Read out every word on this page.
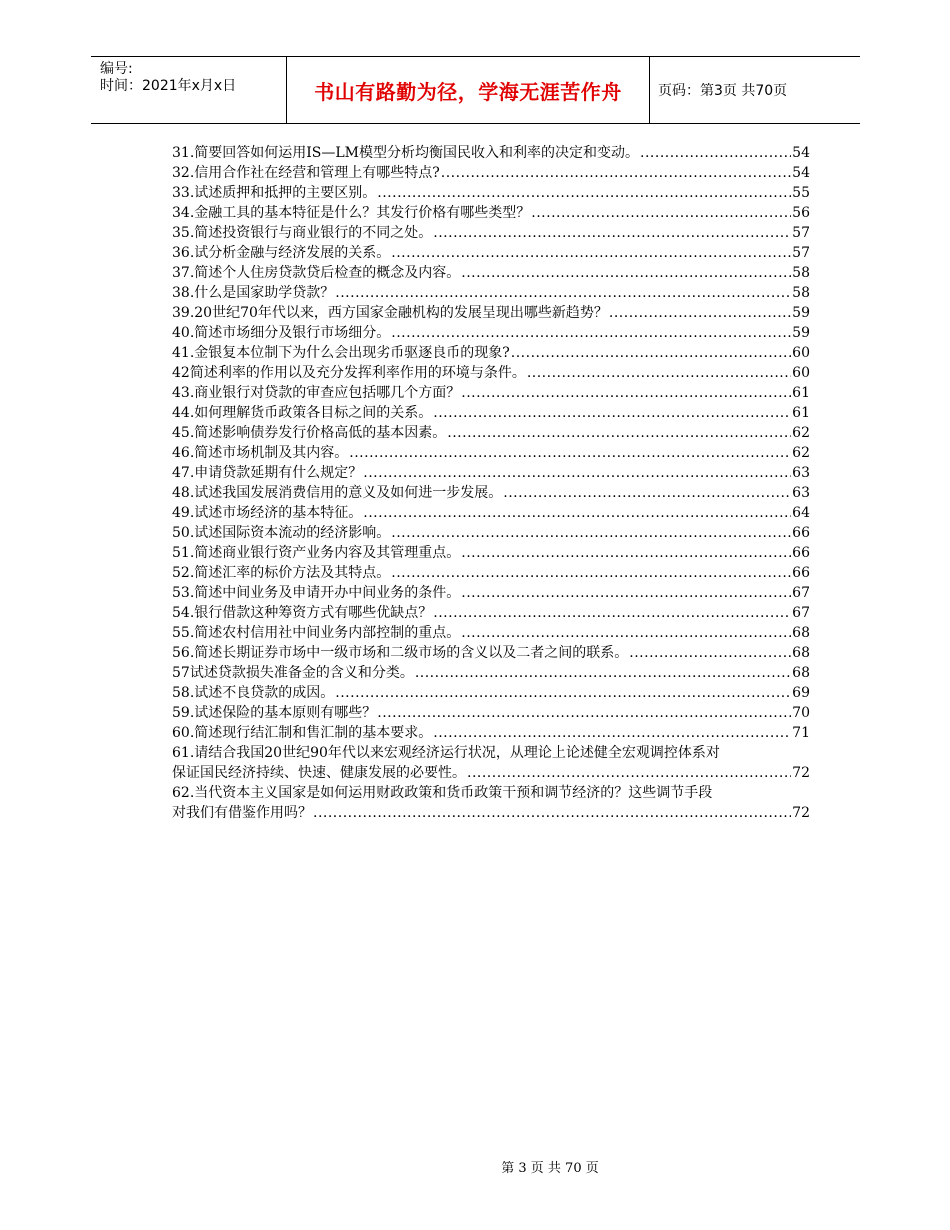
编号:
时间：2021年x月x日	书山有路勤为径，学海无涯苦作舟	页码：第3页 共70页
31.简要回答如何运用IS—LM模型分析均衡国民收入和利率的决定和变动。 .....	54
32.信用合作社在经营和管理上有哪些特点? .....	54
33.试述质押和抵押的主要区别。 .....	55
34.金融工具的基本特征是什么？其发行价格有哪些类型？ .....	56
35.简述投资银行与商业银行的不同之处。 .....	57
36.试分析金融与经济发展的关系。 .....	57
37.简述个人住房贷款贷后检查的概念及内容。 .....	58
38.什么是国家助学贷款？ .....	58
39.20世纪70年代以来，西方国家金融机构的发展呈现出哪些新趋势？ .....	59
40.简述市场细分及银行市场细分。 .....	59
41.金银复本位制下为什么会出现劣币驱逐良币的现象? .....	60
42简述利率的作用以及充分发挥利率作用的环境与条件。 .....	60
43.商业银行对贷款的审查应包括哪几个方面？ .....	61
44.如何理解货币政策各目标之间的关系。 .....	61
45.简述影响债券发行价格高低的基本因素。 .....	62
46.简述市场机制及其内容。 .....	62
47.申请贷款延期有什么规定？ .....	63
48.试述我国发展消费信用的意义及如何进一步发展。 .....	63
49.试述市场经济的基本特征。 .....	64
50.试述国际资本流动的经济影响。 .....	66
51.简述商业银行资产业务内容及其管理重点。 .....	66
52.简述汇率的标价方法及其特点。 .....	66
53.简述中间业务及申请开办中间业务的条件。 .....	67
54.银行借款这种筹资方式有哪些优缺点？ .....	67
55.简述农村信用社中间业务内部控制的重点。 .....	68
56.简述长期证券市场中一级市场和二级市场的含义以及二者之间的联系。 .....	68
57试述贷款损失准备金的含义和分类。 .....	68
58.试述不良贷款的成因。 .....	69
59.试述保险的基本原则有哪些？ .....	70
60.简述现行结汇制和售汇制的基本要求。 .....	71
61.请结合我国20世纪90年代以来宏观经济运行状况，从理论上论述健全宏观调控体系对
保证国民经济持续、快速、健康发展的必要性。 .....	72
62.当代资本主义国家是如何运用财政政策和货币政策干预和调节经济的？这些调节手段
对我们有借鉴作用吗？ .....	72
第 3 页 共 70 页
